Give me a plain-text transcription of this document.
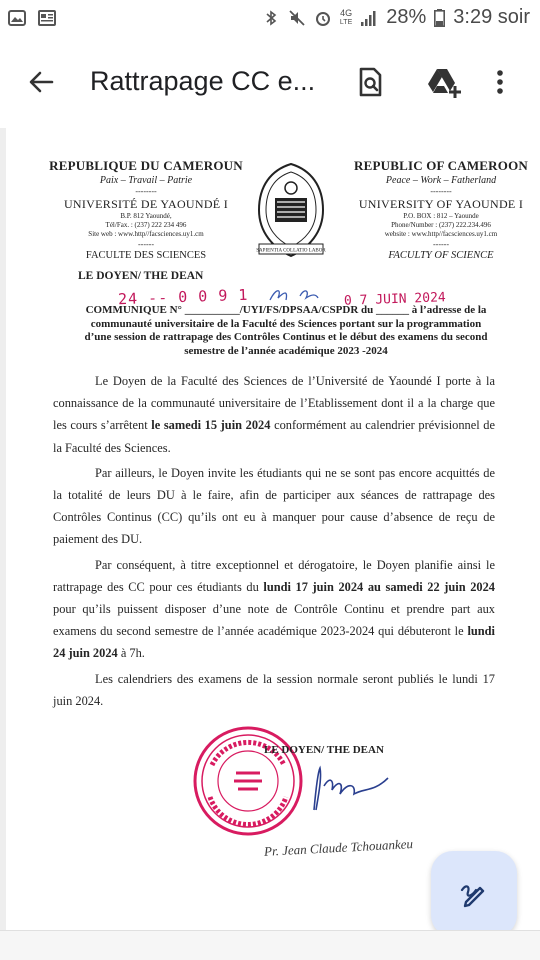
4G
LTE 28% 3:29 soir
Rattrapage CC e...
REPUBLIQUE DU CAMEROUN
Paix – Travail – Patrie
--------
UNIVERSITÉ DE YAOUNDÉ I
B.P. 812 Yaoundé,
Tél/Fax. : (237) 222 234 496
Site web : www.http//facsciences.uy1.cm
------
FACULTE DES SCIENCES	SAPIENTIA COLLATIO LABOR
REPUBLIC OF CAMEROON
Peace – Work – Fatherland
--------
UNIVERSITY OF YAOUNDE I
P.O. BOX : 812 – Yaounde
Phone/Number : (237) 222.234.496
website : www.http//facsciences.uy1.cm
------
FACULTY OF SCIENCE
LE DOYEN/ THE DEAN
24 -- 0 0 9 1	0 7 JUIN 2024
COMMUNIQUE N° __________/UYI/FS/DPSAA/CSPDR du ______ à l’adresse de la
communauté universitaire de la Faculté des Sciences portant sur la programmation d’une session de rattrapage des Contrôles Continus et le début des examens du second semestre de l’année académique 2023 -2024

Le Doyen de la Faculté des Sciences de l’Université de Yaoundé I porte à la connaissance de la communauté universitaire de l’Etablissement dont il a la charge que les cours s’arrêtent le samedi 15 juin 2024 conformément au calendrier prévisionnel de la Faculté des Sciences.

Par ailleurs, le Doyen invite les étudiants qui ne se sont pas encore acquittés de la totalité de leurs DU à le faire, afin de participer aux séances de rattrapage des Contrôles Continus (CC) qu’ils ont eu à manquer pour cause d’absence de reçu de paiement des DU.

Par conséquent, à titre exceptionnel et dérogatoire, le Doyen planifie ainsi le rattrapage des CC pour ces étudiants du lundi 17 juin 2024 au samedi 22 juin 2024 pour qu’ils puissent disposer d’une note de Contrôle Continu et prendre part aux examens du second semestre de l’année académique 2023-2024 qui débuteront le lundi 24 juin 2024 à 7h.

Les calendriers des examens de la session normale seront publiés le lundi 17 juin 2024.

LE DOYEN/ THE DEAN
Pr. Jean Claude Tchouankeu
